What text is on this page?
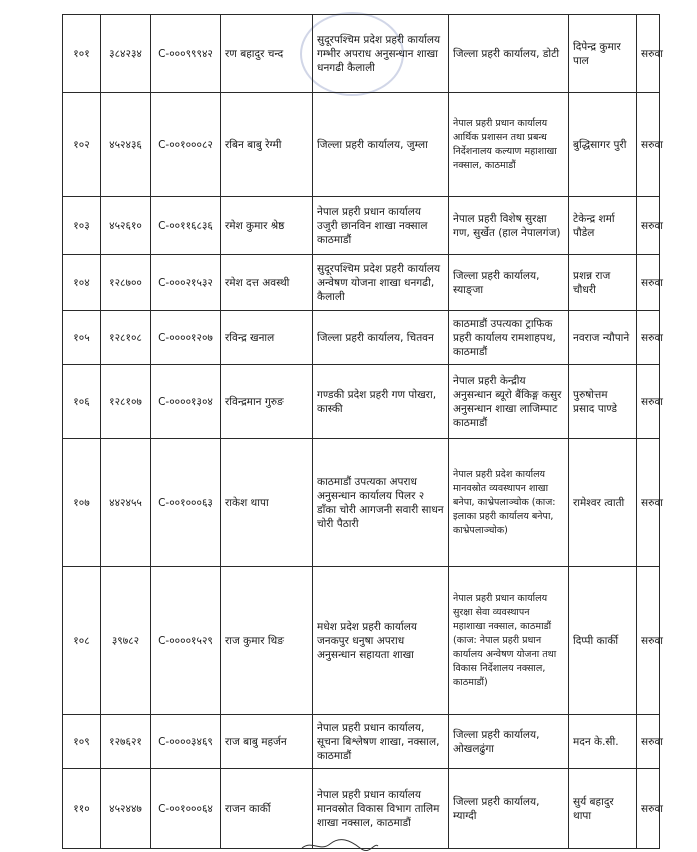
१०१	३८४२३४	C-०००९९९४२	रण बहादुर चन्द	सुदूरपश्चिम प्रदेश प्रहरी कार्यालय गम्भीर अपराध अनुसन्धान शाखा धनगढी कैलाली	जिल्ला प्रहरी कार्यालय, डोटी	दिपेन्द्र कुमार पाल	सरुवा
१०२	४५२४३६	C-००१०००८२	रबिन बाबु रेग्मी	जिल्ला प्रहरी कार्यालय, जुम्ला	नेपाल प्रहरी प्रधान कार्यालय आर्थिक प्रशासन तथा प्रबन्ध निर्देशनालय कल्याण महाशाखा नक्साल, काठमाडौं	बुद्धिसागर पुरी	सरुवा
१०३	४५२६१०	C-००११६८३६	रमेश कुमार श्रेष्ठ	नेपाल प्रहरी प्रधान कार्यालय उजुरी छानविन शाखा नक्साल काठमाडौं	नेपाल प्रहरी विशेष सुरक्षा गण, सुर्खेत (हाल नेपालगंज)	टेकेन्द्र शर्मा पौडेल	सरुवा
१०४	१२८७००	C-०००२१५३२	रमेश दत्त अवस्थी	सुदूरपश्चिम प्रदेश प्रहरी कार्यालय अन्वेषण योजना शाखा धनगढी, कैलाली	जिल्ला प्रहरी कार्यालय, स्याङ्जा	प्रशन्न राज चौधरी	सरुवा
१०५	१२८१०८	C-००००१२०७	रविन्द्र खनाल	जिल्ला प्रहरी कार्यालय, चितवन	काठमाडौं उपत्यका ट्राफिक प्रहरी कार्यालय रामशाहपथ, काठमाडौं	नवराज न्यौपाने	सरुवा
१०६	१२८१०७	C-००००१३०४	रविन्द्रमान गुरुङ	गण्डकी प्रदेश प्रहरी गण पोखरा, कास्की	नेपाल प्रहरी केन्द्रीय अनुसन्धान ब्यूरो बैंकिङ्ग कसुर अनुसन्धान शाखा लाजिम्पाट काठमाडौं	पुरुषोत्तम प्रसाद पाण्डे	सरुवा
१०७	४४२४५५	C-००१०००६३	राकेश थापा	काठमाडौं उपत्यका अपराध अनुसन्धान कार्यालय पिलर २ डाँका चोरी आगजनी सवारी साधन चोरी पैठारी	नेपाल प्रहरी प्रदेश कार्यालय मानवस्रोत व्यवस्थापन शाखा बनेपा, काभ्रेपलाञ्चोक (काज: इलाका प्रहरी कार्यालय बनेपा, काभ्रेपलाञ्चोक)	रामेश्वर त्वाती	सरुवा
१०८	३९७८२	C-००००१५२९	राज कुमार थिङ	मधेश प्रदेश प्रहरी कार्यालय जनकपुर धनुषा अपराध अनुसन्धान सहायता शाखा	नेपाल प्रहरी प्रधान कार्यालय सुरक्षा सेवा व्यवस्थापन महाशाखा नक्साल, काठमाडौं (काज: नेपाल प्रहरी प्रधान कार्यालय अन्वेषण योजना तथा विकास निर्देशालय नक्साल, काठमाडौं)	दिप्पी कार्की	सरुवा
१०९	१२७६२१	C-००००३४६९	राज बाबु महर्जन	नेपाल प्रहरी प्रधान कार्यालय, सूचना बिश्लेषण शाखा, नक्साल, काठमाडौं	जिल्ला प्रहरी कार्यालय, ओखलढुंगा	मदन के.सी.	सरुवा
११०	४५२४४७	C-००१०००६४	राजन कार्की	नेपाल प्रहरी प्रधान कार्यालय मानवस्रोत विकास विभाग तालिम शाखा नक्साल, काठमाडौं	जिल्ला प्रहरी कार्यालय, म्याग्दी	सुर्य बहादुर थापा	सरुवा
